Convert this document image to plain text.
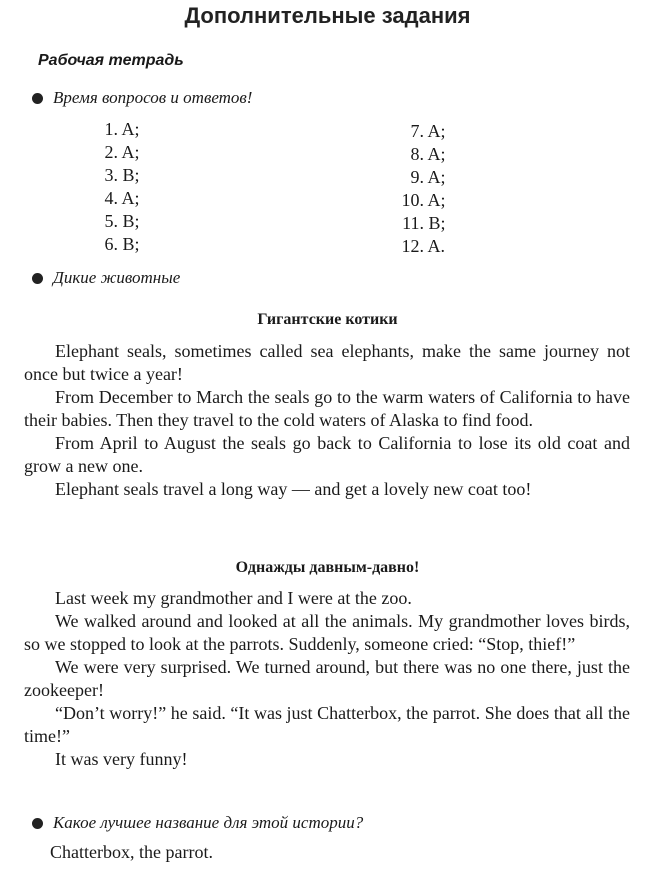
Дополнительные задания
Рабочая тетрадь
Время вопросов и ответов!
1. A;
2. A;
3. B;
4. A;
5. B;
6. B;
7. A;
8. A;
9. A;
10. A;
11. B;
12. A.
Дикие животные
Гигантские котики

Elephant seals, sometimes called sea elephants, make the same journey not once but twice a year!

From December to March the seals go to the warm waters of California to have their babies. Then they travel to the cold waters of Alaska to find food.

From April to August the seals go back to California to lose its old coat and grow a new one.

Elephant seals travel a long way — and get a lovely new coat too!

Однажды давным-давно!

Last week my grandmother and I were at the zoo.

We walked around and looked at all the animals. My grandmother loves birds, so we stopped to look at the parrots. Suddenly, someone cried: “Stop, thief!”

We were very surprised. We turned around, but there was no one there, just the zookeeper!

“Don’t worry!” he said. “It was just Chatterbox, the parrot. She does that all the time!”

It was very funny!

Какое лучшее название для этой истории?
Chatterbox, the parrot.
